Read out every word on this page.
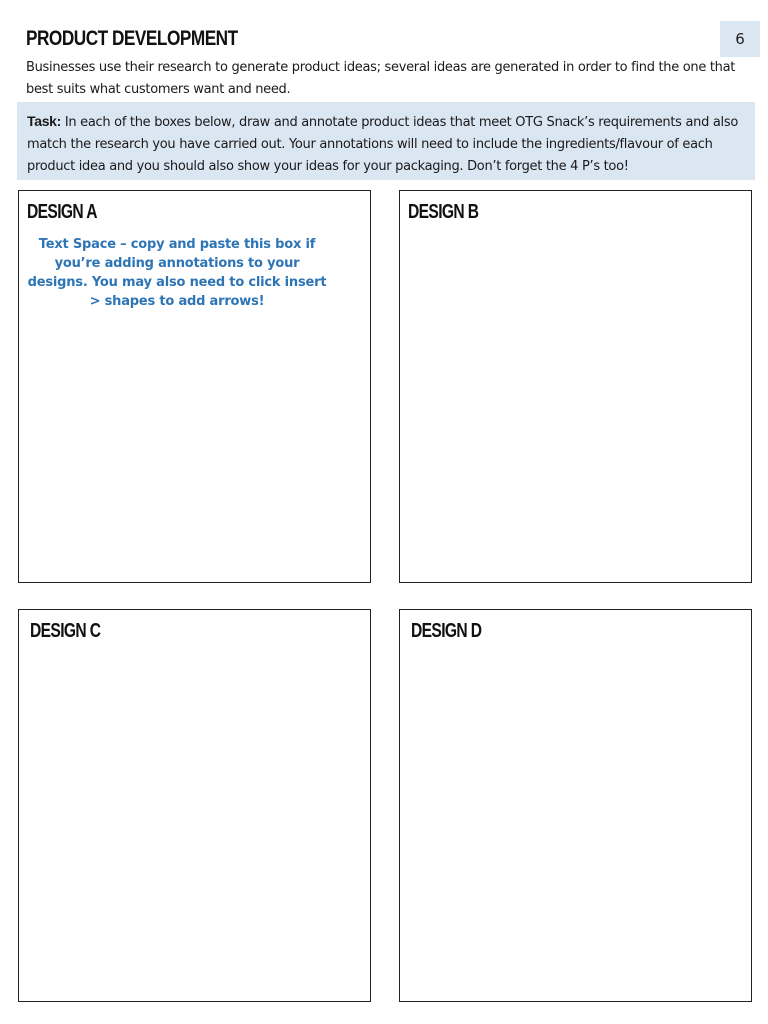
PRODUCT DEVELOPMENT	6
Businesses use their research to generate product ideas; several ideas are generated in order to find the one that best suits what customers want and need.
Task: In each of the boxes below, draw and annotate product ideas that meet OTG Snack’s requirements and also match the research you have carried out. Your annotations will need to include the ingredients/flavour of each product idea and you should also show your ideas for your packaging. Don’t forget the 4 P’s too!
DESIGN A
Text Space – copy and paste this box if you’re adding annotations to your designs. You may also need to click insert > shapes to add arrows!
DESIGN B
DESIGN C	DESIGN D
